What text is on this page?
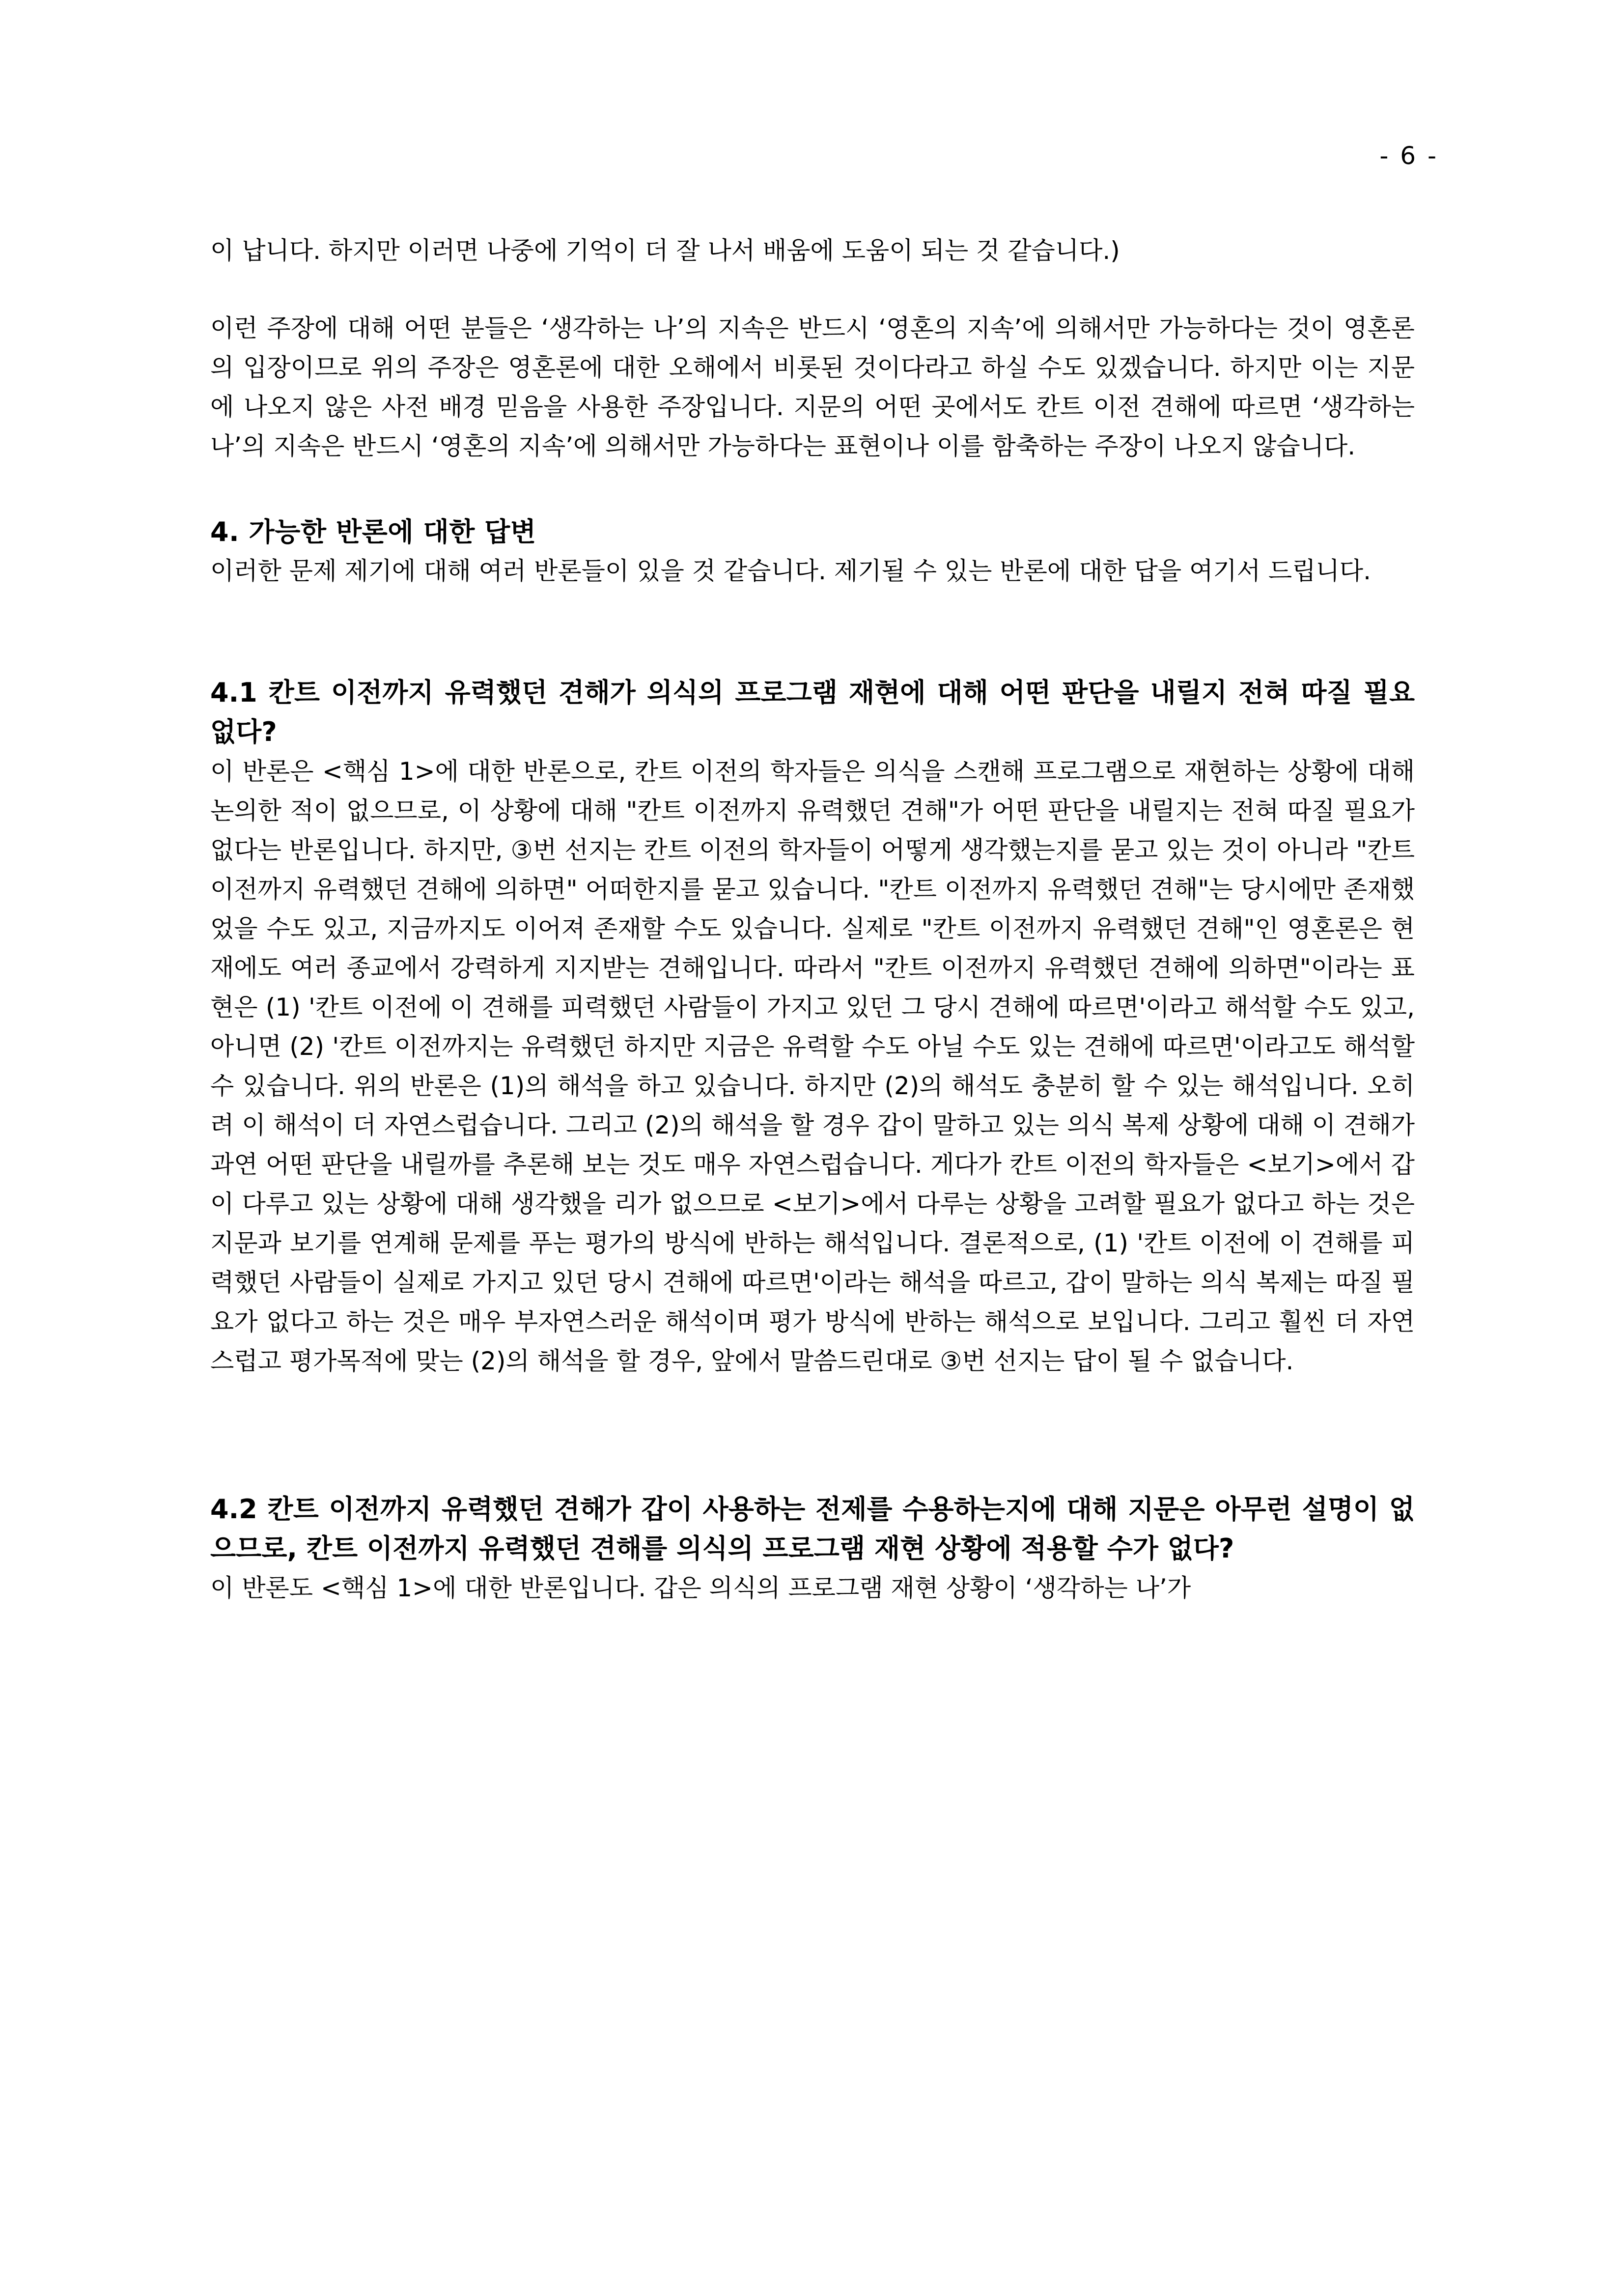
- 6 -

이 납니다. 하지만 이러면 나중에 기억이 더 잘 나서 배움에 도움이 되는 것 같습니다.)

이런 주장에 대해 어떤 분들은 ‘생각하는 나’의 지속은 반드시 ‘영혼의 지속’에 의해서만 가능하다는 것이 영혼론의 입장이므로 위의 주장은 영혼론에 대한 오해에서 비롯된 것이다라고 하실 수도 있겠습니다. 하지만 이는 지문에 나오지 않은 사전 배경 믿음을 사용한 주장입니다. 지문의 어떤 곳에서도 칸트 이전 견해에 따르면 ‘생각하는 나’의 지속은 반드시 ‘영혼의 지속’에 의해서만 가능하다는 표현이나 이를 함축하는 주장이 나오지 않습니다.

4. 가능한 반론에 대한 답변

이러한 문제 제기에 대해 여러 반론들이 있을 것 같습니다. 제기될 수 있는 반론에 대한 답을 여기서 드립니다.

4.1 칸트 이전까지 유력했던 견해가 의식의 프로그램 재현에 대해 어떤 판단을 내릴지 전혀 따질 필요 없다?

이 반론은 <핵심 1>에 대한 반론으로, 칸트 이전의 학자들은 의식을 스캔해 프로그램으로 재현하는 상황에 대해 논의한 적이 없으므로, 이 상황에 대해 "칸트 이전까지 유력했던 견해"가 어떤 판단을 내릴지는 전혀 따질 필요가 없다는 반론입니다. 하지만, ③번 선지는 칸트 이전의 학자들이 어떻게 생각했는지를 묻고 있는 것이 아니라 "칸트 이전까지 유력했던 견해에 의하면" 어떠한지를 묻고 있습니다. "칸트 이전까지 유력했던 견해"는 당시에만 존재했었을 수도 있고, 지금까지도 이어져 존재할 수도 있습니다. 실제로 "칸트 이전까지 유력했던 견해"인 영혼론은 현재에도 여러 종교에서 강력하게 지지받는 견해입니다. 따라서 "칸트 이전까지 유력했던 견해에 의하면"이라는 표현은 (1) '칸트 이전에 이 견해를 피력했던 사람들이 가지고 있던 그 당시 견해에 따르면'이라고 해석할 수도 있고, 아니면 (2) '칸트 이전까지는 유력했던 하지만 지금은 유력할 수도 아닐 수도 있는 견해에 따르면'이라고도 해석할 수 있습니다. 위의 반론은 (1)의 해석을 하고 있습니다. 하지만 (2)의 해석도 충분히 할 수 있는 해석입니다. 오히려 이 해석이 더 자연스럽습니다. 그리고 (2)의 해석을 할 경우 갑이 말하고 있는 의식 복제 상황에 대해 이 견해가 과연 어떤 판단을 내릴까를 추론해 보는 것도 매우 자연스럽습니다. 게다가 칸트 이전의 학자들은 <보기>에서 갑이 다루고 있는 상황에 대해 생각했을 리가 없으므로 <보기>에서 다루는 상황을 고려할 필요가 없다고 하는 것은 지문과 보기를 연계해 문제를 푸는 평가의 방식에 반하는 해석입니다. 결론적으로, (1) '칸트 이전에 이 견해를 피력했던 사람들이 실제로 가지고 있던 당시 견해에 따르면'이라는 해석을 따르고, 갑이 말하는 의식 복제는 따질 필요가 없다고 하는 것은 매우 부자연스러운 해석이며 평가 방식에 반하는 해석으로 보입니다. 그리고 훨씬 더 자연스럽고 평가목적에 맞는 (2)의 해석을 할 경우, 앞에서 말씀드린대로 ③번 선지는 답이 될 수 없습니다.

4.2 칸트 이전까지 유력했던 견해가 갑이 사용하는 전제를 수용하는지에 대해 지문은 아무런 설명이 없으므로, 칸트 이전까지 유력했던 견해를 의식의 프로그램 재현 상황에 적용할 수가 없다?

이 반론도 <핵심 1>에 대한 반론입니다. 갑은 의식의 프로그램 재현 상황이 ‘생각하는 나’가
